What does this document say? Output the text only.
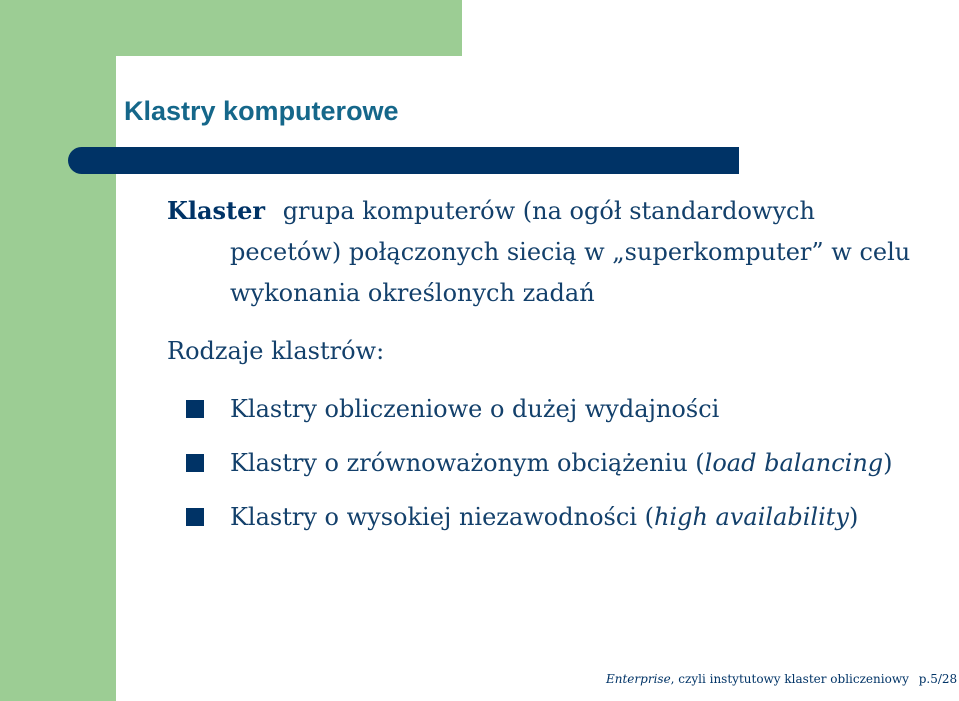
Klastry komputerowe
Klaster grupa komputerów (na ogół standardowych
pecetów) połączonych siecią w „superkomputer” w celu
wykonania określonych zadań
Rodzaje klastrów:
Klastry obliczeniowe o dużej wydajności
Klastry o zrównoważonym obciążeniu (load balancing)
Klastry o wysokiej niezawodności (high availability)
Enterprise, czyli instytutowy klaster obliczeniowy p.5/28
